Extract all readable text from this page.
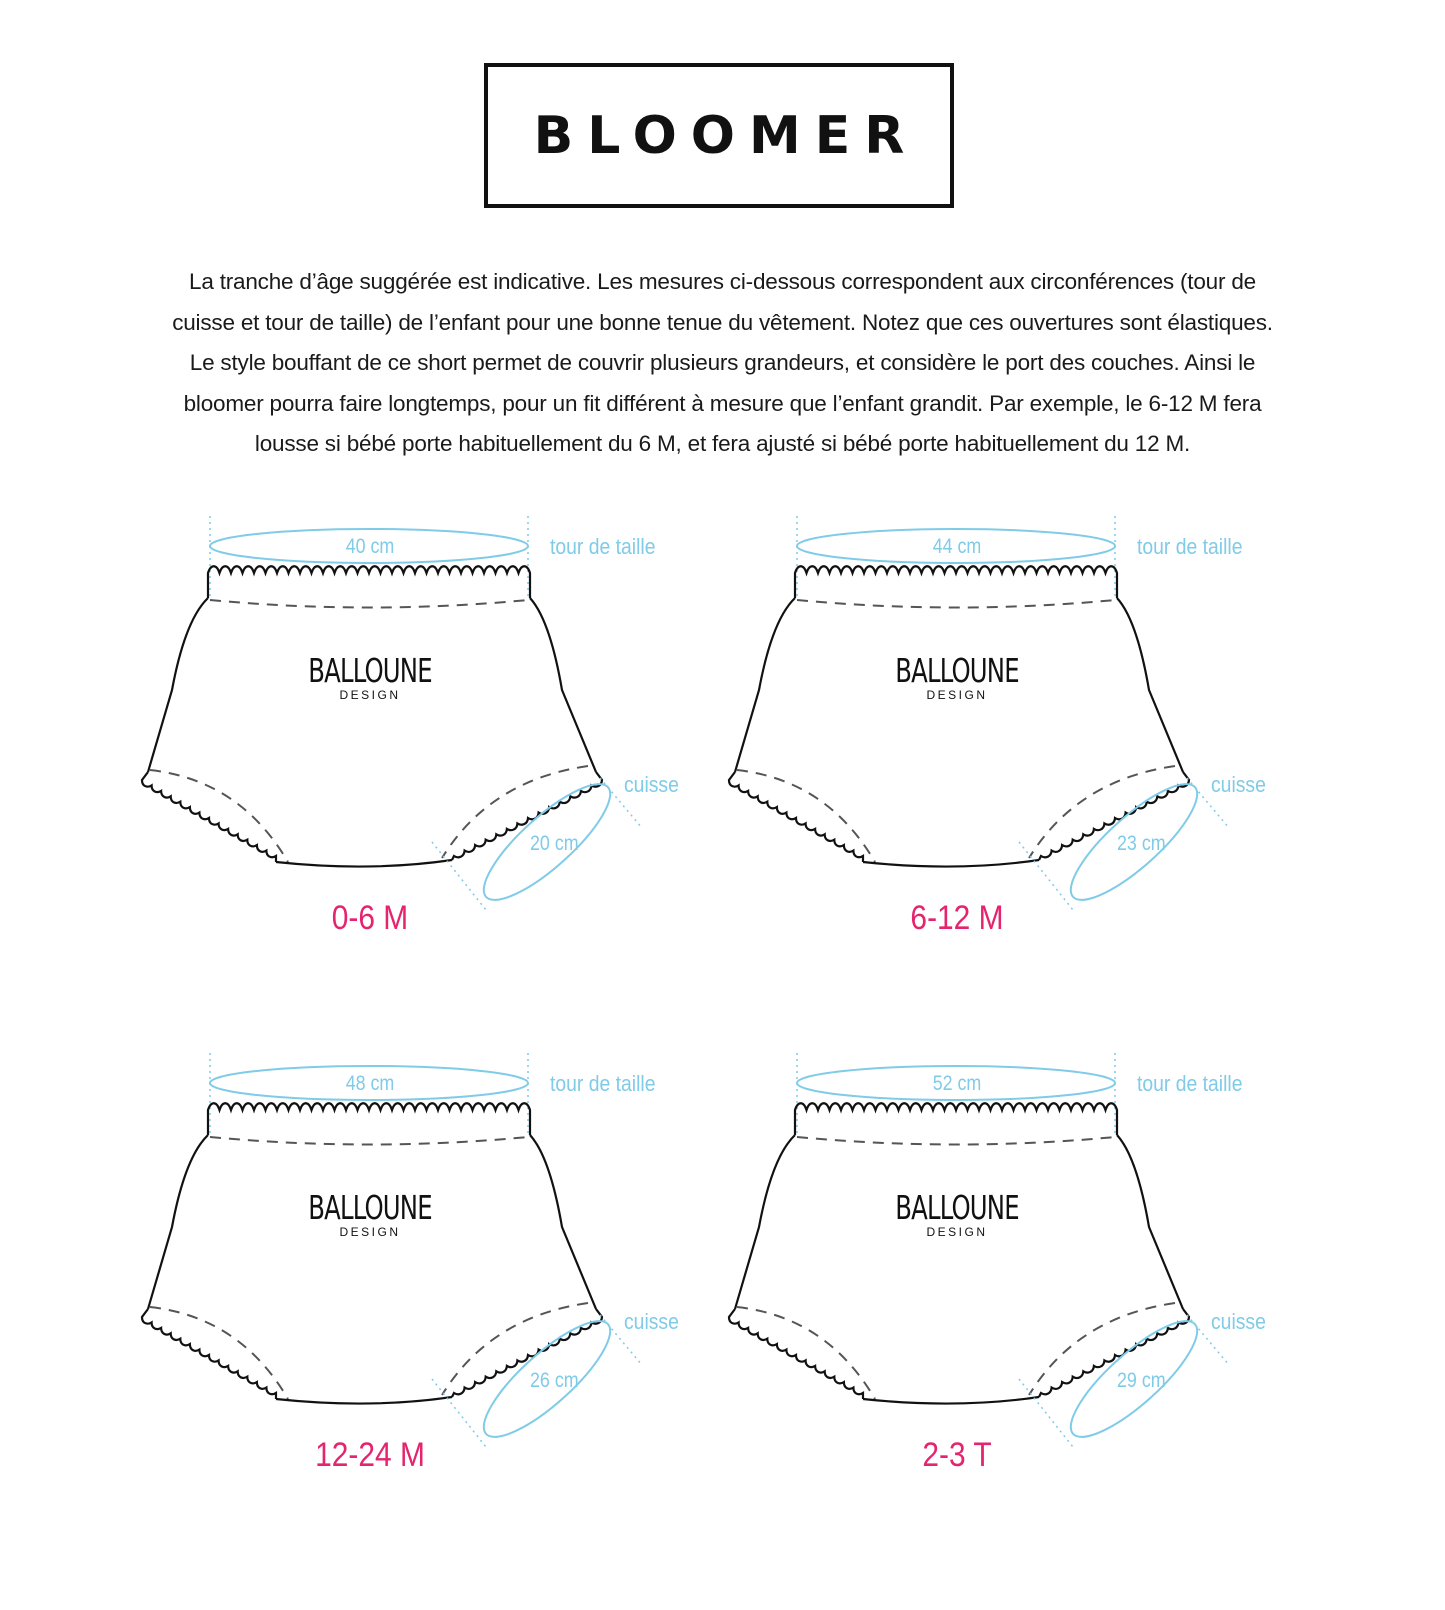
BLOOMER

La tranche d’âge suggérée est indicative. Les mesures ci-dessous correspondent aux circonférences (tour de

cuisse et tour de taille) de l’enfant pour une bonne tenue du vêtement. Notez que ces ouvertures sont élastiques.

Le style bouffant de ce short permet de couvrir plusieurs grandeurs, et considère le port des couches. Ainsi le

bloomer pourra faire longtemps, pour un fit différent à mesure que l’enfant grandit. Par exemple, le 6-12 M fera

lousse si bébé porte habituellement du 6 M, et fera ajusté si bébé porte habituellement du 12 M.

40 cm	tour de taille
BALLOUNE
DESIGN
cuisse
20 cm
0-6 M
44 cm	tour de taille
BALLOUNE
DESIGN
cuisse
23 cm
6-12 M
48 cm	tour de taille
BALLOUNE
DESIGN
cuisse
26 cm
12-24 M
52 cm	tour de taille
BALLOUNE
DESIGN
cuisse
29 cm
2-3 T
